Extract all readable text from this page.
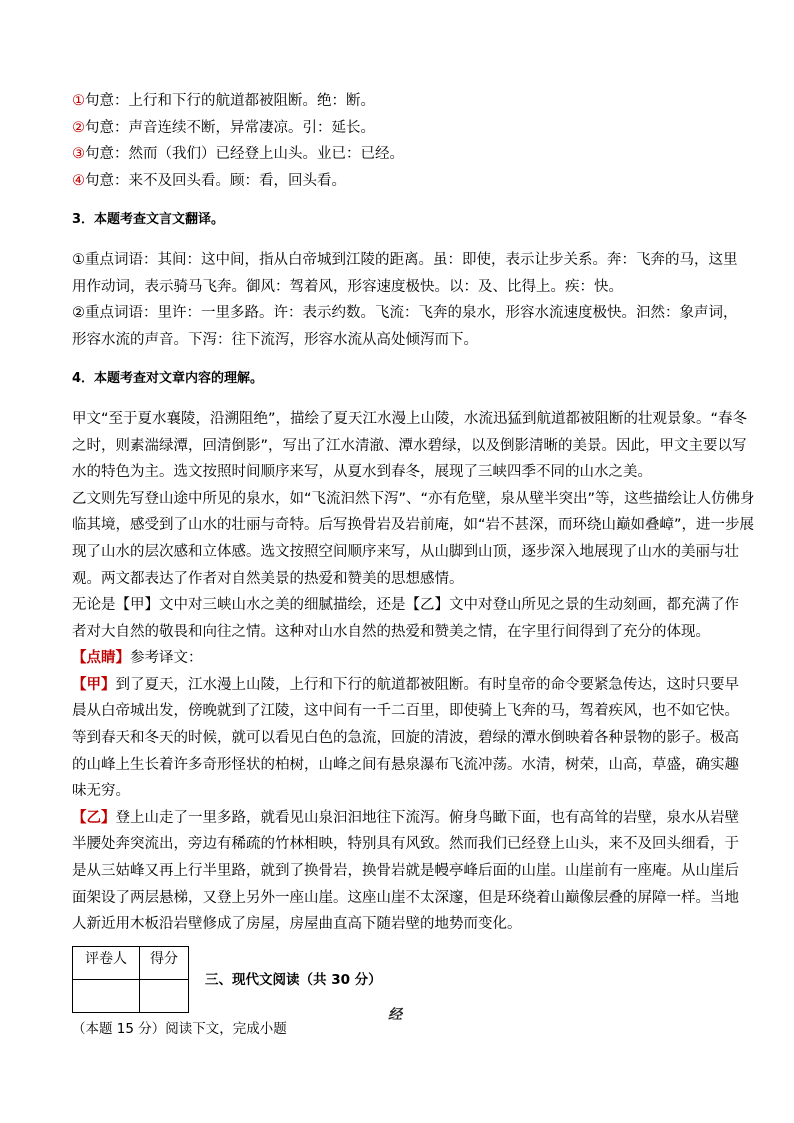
①句意：上行和下行的航道都被阻断。绝：断。

②句意：声音连续不断，异常凄凉。引：延长。

③句意：然而（我们）已经登上山头。业已：已经。

④句意：来不及回头看。顾：看，回头看。

3．本题考查文言文翻译。

①重点词语：其间：这中间，指从白帝城到江陵的距离。虽：即使，表示让步关系。奔：飞奔的马，这里

用作动词，表示骑马飞奔。御风：驾着风，形容速度极快。以：及、比得上。疾：快。

②重点词语：里许：一里多路。许：表示约数。飞流：飞奔的泉水，形容水流速度极快。汩然：象声词，

形容水流的声音。下泻：往下流泻，形容水流从高处倾泻而下。

4．本题考查对文章内容的理解。

甲文“至于夏水襄陵，沿溯阻绝”，描绘了夏天江水漫上山陵，水流迅猛到航道都被阻断的壮观景象。“春冬

之时，则素湍绿潭，回清倒影”，写出了江水清澈、潭水碧绿，以及倒影清晰的美景。因此，甲文主要以写

水的特色为主。选文按照时间顺序来写，从夏水到春冬，展现了三峡四季不同的山水之美。

乙文则先写登山途中所见的泉水，如“飞流汩然下泻”、“亦有危壁，泉从壁半突出”等，这些描绘让人仿佛身

临其境，感受到了山水的壮丽与奇特。后写换骨岩及岩前庵，如“岩不甚深，而环绕山巅如叠嶂”，进一步展

现了山水的层次感和立体感。选文按照空间顺序来写，从山脚到山顶，逐步深入地展现了山水的美丽与壮

观。两文都表达了作者对自然美景的热爱和赞美的思想感情。

无论是【甲】文中对三峡山水之美的细腻描绘，还是【乙】文中对登山所见之景的生动刻画，都充满了作

者对大自然的敬畏和向往之情。这种对山水自然的热爱和赞美之情，在字里行间得到了充分的体现。

【点睛】参考译文：

【甲】到了夏天，江水漫上山陵，上行和下行的航道都被阻断。有时皇帝的命令要紧急传达，这时只要早

晨从白帝城出发，傍晚就到了江陵，这中间有一千二百里，即使骑上飞奔的马，驾着疾风，也不如它快。

等到春天和冬天的时候，就可以看见白色的急流，回旋的清波，碧绿的潭水倒映着各种景物的影子。极高

的山峰上生长着许多奇形怪状的柏树，山峰之间有悬泉瀑布飞流冲荡。水清，树荣，山高，草盛，确实趣

味无穷。

【乙】登上山走了一里多路，就看见山泉汩汩地往下流泻。俯身鸟瞰下面，也有高耸的岩壁，泉水从岩壁

半腰处奔突流出，旁边有稀疏的竹林相映，特别具有风致。然而我们已经登上山头，来不及回头细看，于

是从三姑峰又再上行半里路，就到了换骨岩，换骨岩就是幔亭峰后面的山崖。山崖前有一座庵。从山崖后

面架设了两层悬梯，又登上另外一座山崖。这座山崖不太深邃，但是环绕着山巅像层叠的屏障一样。当地

人新近用木板沿岩壁修成了房屋，房屋曲直高下随岩壁的地势而变化。

评卷人	得分

三、现代文阅读（共 30 分）

（本题 15 分）阅读下文，完成小题

经
